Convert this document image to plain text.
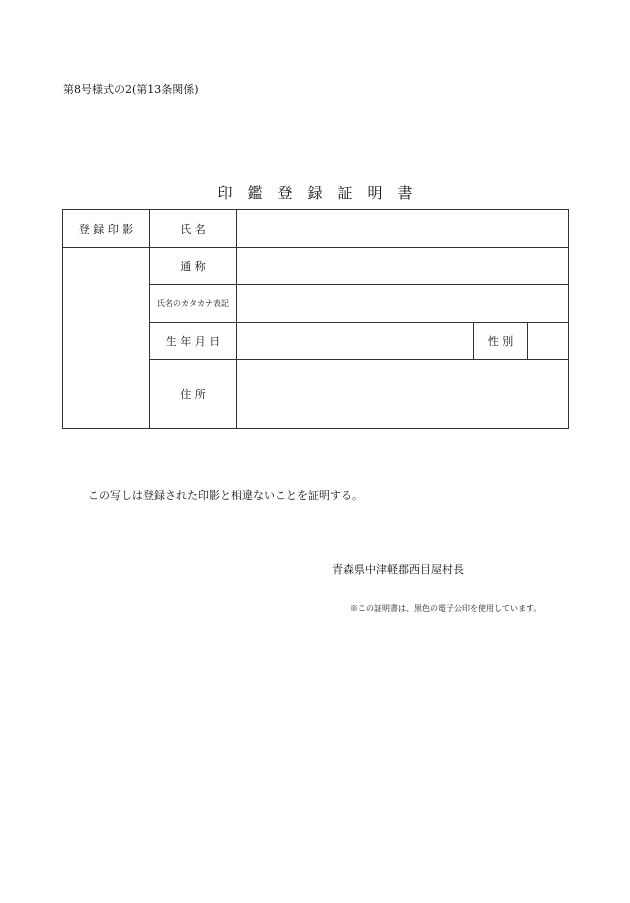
第8号様式の2(第13条関係)
印　鑑　登　録　証　明　書
登 録 印 影	氏 名			
	通 称			
	氏名のカタカナ表記			
	生 年 月 日		性 別	
	住 所			
この写しは登録された印影と相違ないことを証明する。
青森県中津軽郡西目屋村長
※この証明書は、黒色の電子公印を使用しています。
